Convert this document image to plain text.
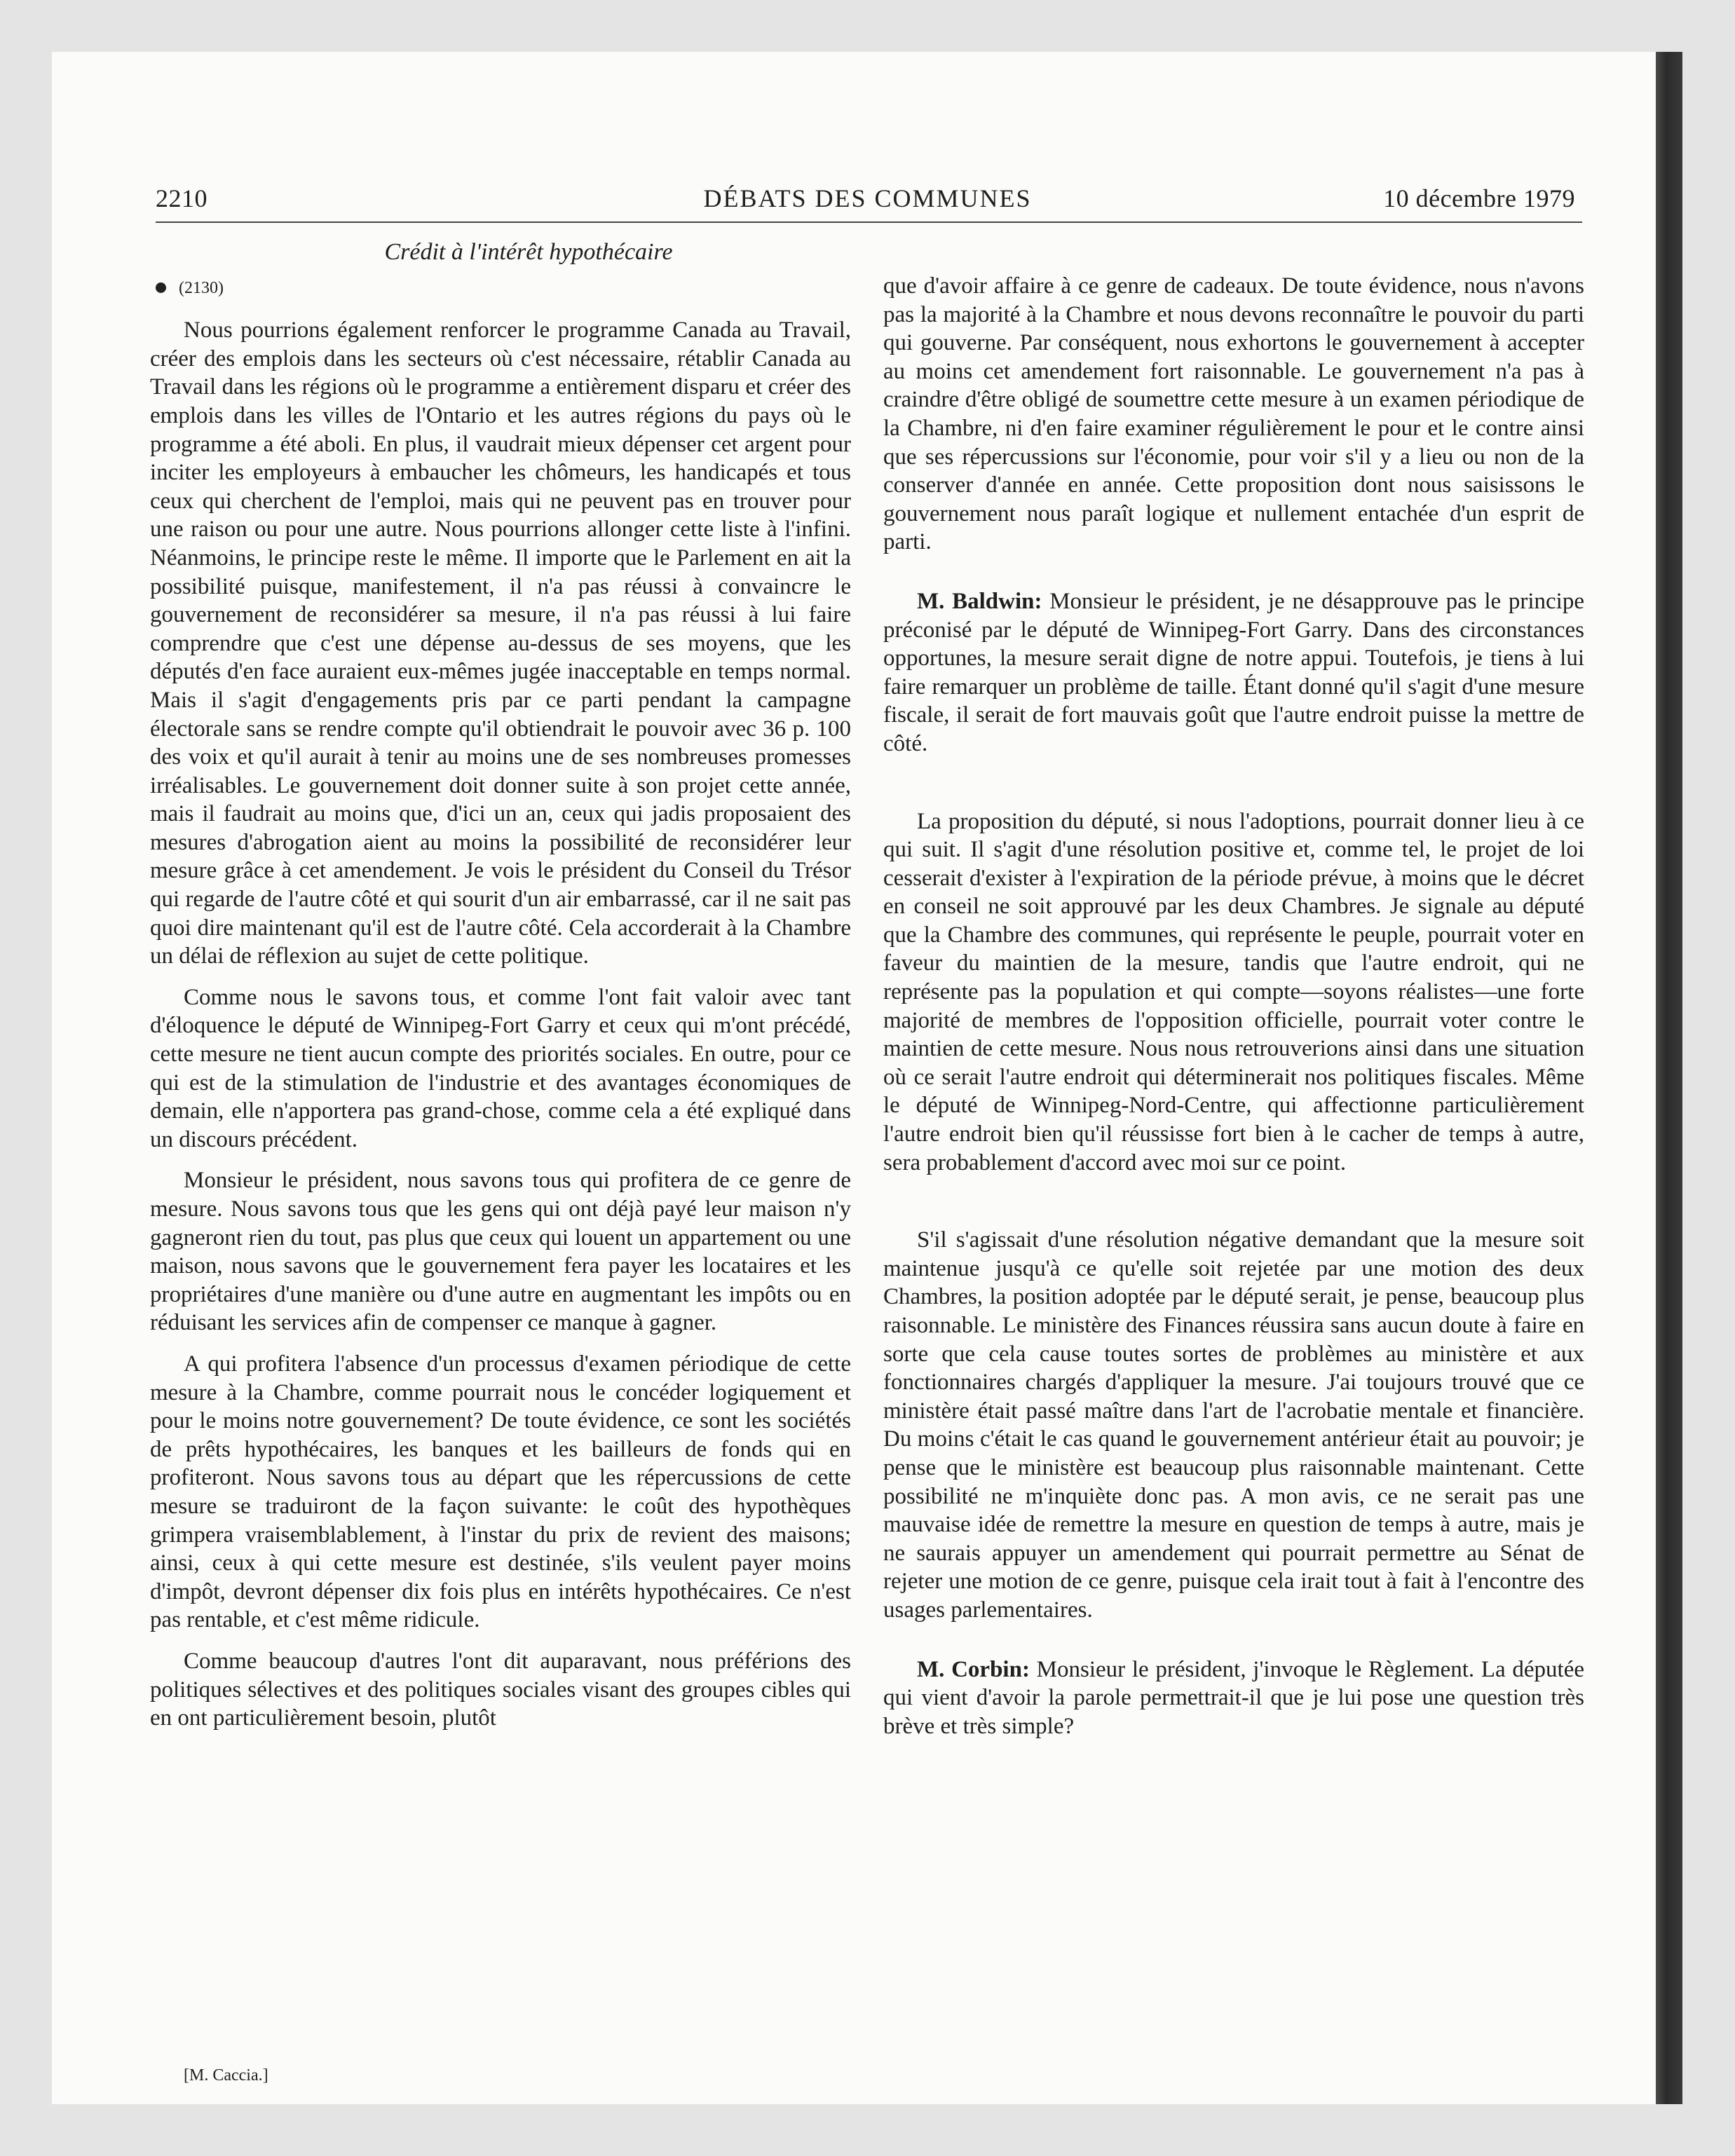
2210	DÉBATS DES COMMUNES	10 décembre 1979
Crédit à l'intérêt hypothécaire
(2130)

Nous pourrions également renforcer le programme Canada au Travail, créer des emplois dans les secteurs où c'est nécessaire, rétablir Canada au Travail dans les régions où le programme a entièrement disparu et créer des emplois dans les villes de l'Ontario et les autres régions du pays où le programme a été aboli. En plus, il vaudrait mieux dépenser cet argent pour inciter les employeurs à embaucher les chômeurs, les handicapés et tous ceux qui cherchent de l'emploi, mais qui ne peuvent pas en trouver pour une raison ou pour une autre. Nous pourrions allonger cette liste à l'infini. Néanmoins, le principe reste le même. Il importe que le Parlement en ait la possibilité puisque, manifestement, il n'a pas réussi à convaincre le gouvernement de reconsidérer sa mesure, il n'a pas réussi à lui faire comprendre que c'est une dépense au-dessus de ses moyens, que les députés d'en face auraient eux-mêmes jugée inacceptable en temps normal. Mais il s'agit d'engagements pris par ce parti pendant la campagne électorale sans se rendre compte qu'il obtiendrait le pouvoir avec 36 p. 100 des voix et qu'il aurait à tenir au moins une de ses nombreuses promesses irréalisables. Le gouvernement doit donner suite à son projet cette année, mais il faudrait au moins que, d'ici un an, ceux qui jadis proposaient des mesures d'abrogation aient au moins la possibilité de reconsidérer leur mesure grâce à cet amendement. Je vois le président du Conseil du Trésor qui regarde de l'autre côté et qui sourit d'un air embarrassé, car il ne sait pas quoi dire maintenant qu'il est de l'autre côté. Cela accorderait à la Chambre un délai de réflexion au sujet de cette politique.

Comme nous le savons tous, et comme l'ont fait valoir avec tant d'éloquence le député de Winnipeg-Fort Garry et ceux qui m'ont précédé, cette mesure ne tient aucun compte des priorités sociales. En outre, pour ce qui est de la stimulation de l'industrie et des avantages économiques de demain, elle n'apportera pas grand-chose, comme cela a été expliqué dans un discours précédent.

Monsieur le président, nous savons tous qui profitera de ce genre de mesure. Nous savons tous que les gens qui ont déjà payé leur maison n'y gagneront rien du tout, pas plus que ceux qui louent un appartement ou une maison, nous savons que le gouvernement fera payer les locataires et les propriétaires d'une manière ou d'une autre en augmentant les impôts ou en réduisant les services afin de compenser ce manque à gagner.

A qui profitera l'absence d'un processus d'examen périodique de cette mesure à la Chambre, comme pourrait nous le concéder logiquement et pour le moins notre gouvernement? De toute évidence, ce sont les sociétés de prêts hypothécaires, les banques et les bailleurs de fonds qui en profiteront. Nous savons tous au départ que les répercussions de cette mesure se traduiront de la façon suivante: le coût des hypothèques grimpera vraisemblablement, à l'instar du prix de revient des maisons; ainsi, ceux à qui cette mesure est destinée, s'ils veulent payer moins d'impôt, devront dépenser dix fois plus en intérêts hypothécaires. Ce n'est pas rentable, et c'est même ridicule.

Comme beaucoup d'autres l'ont dit auparavant, nous préférions des politiques sélectives et des politiques sociales visant des groupes cibles qui en ont particulièrement besoin, plutôt

que d'avoir affaire à ce genre de cadeaux. De toute évidence, nous n'avons pas la majorité à la Chambre et nous devons reconnaître le pouvoir du parti qui gouverne. Par conséquent, nous exhortons le gouvernement à accepter au moins cet amendement fort raisonnable. Le gouvernement n'a pas à craindre d'être obligé de soumettre cette mesure à un examen périodique de la Chambre, ni d'en faire examiner régulièrement le pour et le contre ainsi que ses répercussions sur l'économie, pour voir s'il y a lieu ou non de la conserver d'année en année. Cette proposition dont nous saisissons le gouvernement nous paraît logique et nullement entachée d'un esprit de parti.

M. Baldwin: Monsieur le président, je ne désapprouve pas le principe préconisé par le député de Winnipeg-Fort Garry. Dans des circonstances opportunes, la mesure serait digne de notre appui. Toutefois, je tiens à lui faire remarquer un problème de taille. Étant donné qu'il s'agit d'une mesure fiscale, il serait de fort mauvais goût que l'autre endroit puisse la mettre de côté.

La proposition du député, si nous l'adoptions, pourrait donner lieu à ce qui suit. Il s'agit d'une résolution positive et, comme tel, le projet de loi cesserait d'exister à l'expiration de la période prévue, à moins que le décret en conseil ne soit approuvé par les deux Chambres. Je signale au député que la Chambre des communes, qui représente le peuple, pourrait voter en faveur du maintien de la mesure, tandis que l'autre endroit, qui ne représente pas la population et qui compte—soyons réalistes—une forte majorité de membres de l'opposition officielle, pourrait voter contre le maintien de cette mesure. Nous nous retrouverions ainsi dans une situation où ce serait l'autre endroit qui déterminerait nos politiques fiscales. Même le député de Winnipeg-Nord-Centre, qui affectionne particulièrement l'autre endroit bien qu'il réussisse fort bien à le cacher de temps à autre, sera probablement d'accord avec moi sur ce point.

S'il s'agissait d'une résolution négative demandant que la mesure soit maintenue jusqu'à ce qu'elle soit rejetée par une motion des deux Chambres, la position adoptée par le député serait, je pense, beaucoup plus raisonnable. Le ministère des Finances réussira sans aucun doute à faire en sorte que cela cause toutes sortes de problèmes au ministère et aux fonctionnaires chargés d'appliquer la mesure. J'ai toujours trouvé que ce ministère était passé maître dans l'art de l'acrobatie mentale et financière. Du moins c'était le cas quand le gouvernement antérieur était au pouvoir; je pense que le ministère est beaucoup plus raisonnable maintenant. Cette possibilité ne m'inquiète donc pas. A mon avis, ce ne serait pas une mauvaise idée de remettre la mesure en question de temps à autre, mais je ne saurais appuyer un amendement qui pourrait permettre au Sénat de rejeter une motion de ce genre, puisque cela irait tout à fait à l'encontre des usages parlementaires.

M. Corbin: Monsieur le président, j'invoque le Règlement. La députée qui vient d'avoir la parole permettrait-il que je lui pose une question très brève et très simple?

[M. Caccia.]
